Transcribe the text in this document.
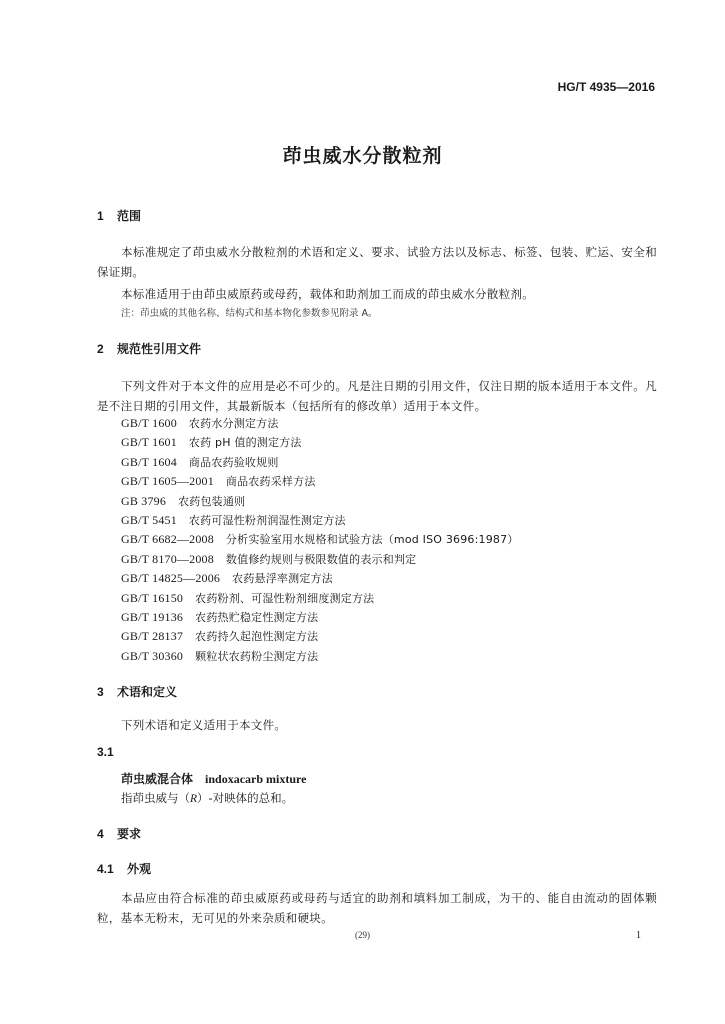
HG/T 4935—2016
茚虫威水分散粒剂
1 范围
本标准规定了茚虫威水分散粒剂的术语和定义、要求、试验方法以及标志、标签、包装、贮运、安全和保证期。
本标准适用于由茚虫威原药或母药，载体和助剂加工而成的茚虫威水分散粒剂。
注：茚虫威的其他名称、结构式和基本物化参数参见附录 A。
2 规范性引用文件
下列文件对于本文件的应用是必不可少的。凡是注日期的引用文件，仅注日期的版本适用于本文件。凡是不注日期的引用文件，其最新版本（包括所有的修改单）适用于本文件。
GB/T 1600 农药水分测定方法
GB/T 1601 农药 pH 值的测定方法
GB/T 1604 商品农药验收规则
GB/T 1605—2001 商品农药采样方法
GB 3796 农药包装通则
GB/T 5451 农药可湿性粉剂润湿性测定方法
GB/T 6682—2008 分析实验室用水规格和试验方法（mod ISO 3696:1987）
GB/T 8170—2008 数值修约规则与极限数值的表示和判定
GB/T 14825—2006 农药悬浮率测定方法
GB/T 16150 农药粉剂、可湿性粉剂细度测定方法
GB/T 19136 农药热贮稳定性测定方法
GB/T 28137 农药持久起泡性测定方法
GB/T 30360 颗粒状农药粉尘测定方法
3 术语和定义
下列术语和定义适用于本文件。
3.1
茚虫威混合体 indoxacarb mixture
指茚虫威与（R）-对映体的总和。
4 要求
4.1 外观
本品应由符合标准的茚虫威原药或母药与适宜的助剂和填料加工制成，为干的、能自由流动的固体颗粒，基本无粉末，无可见的外来杂质和硬块。
(29)	1
